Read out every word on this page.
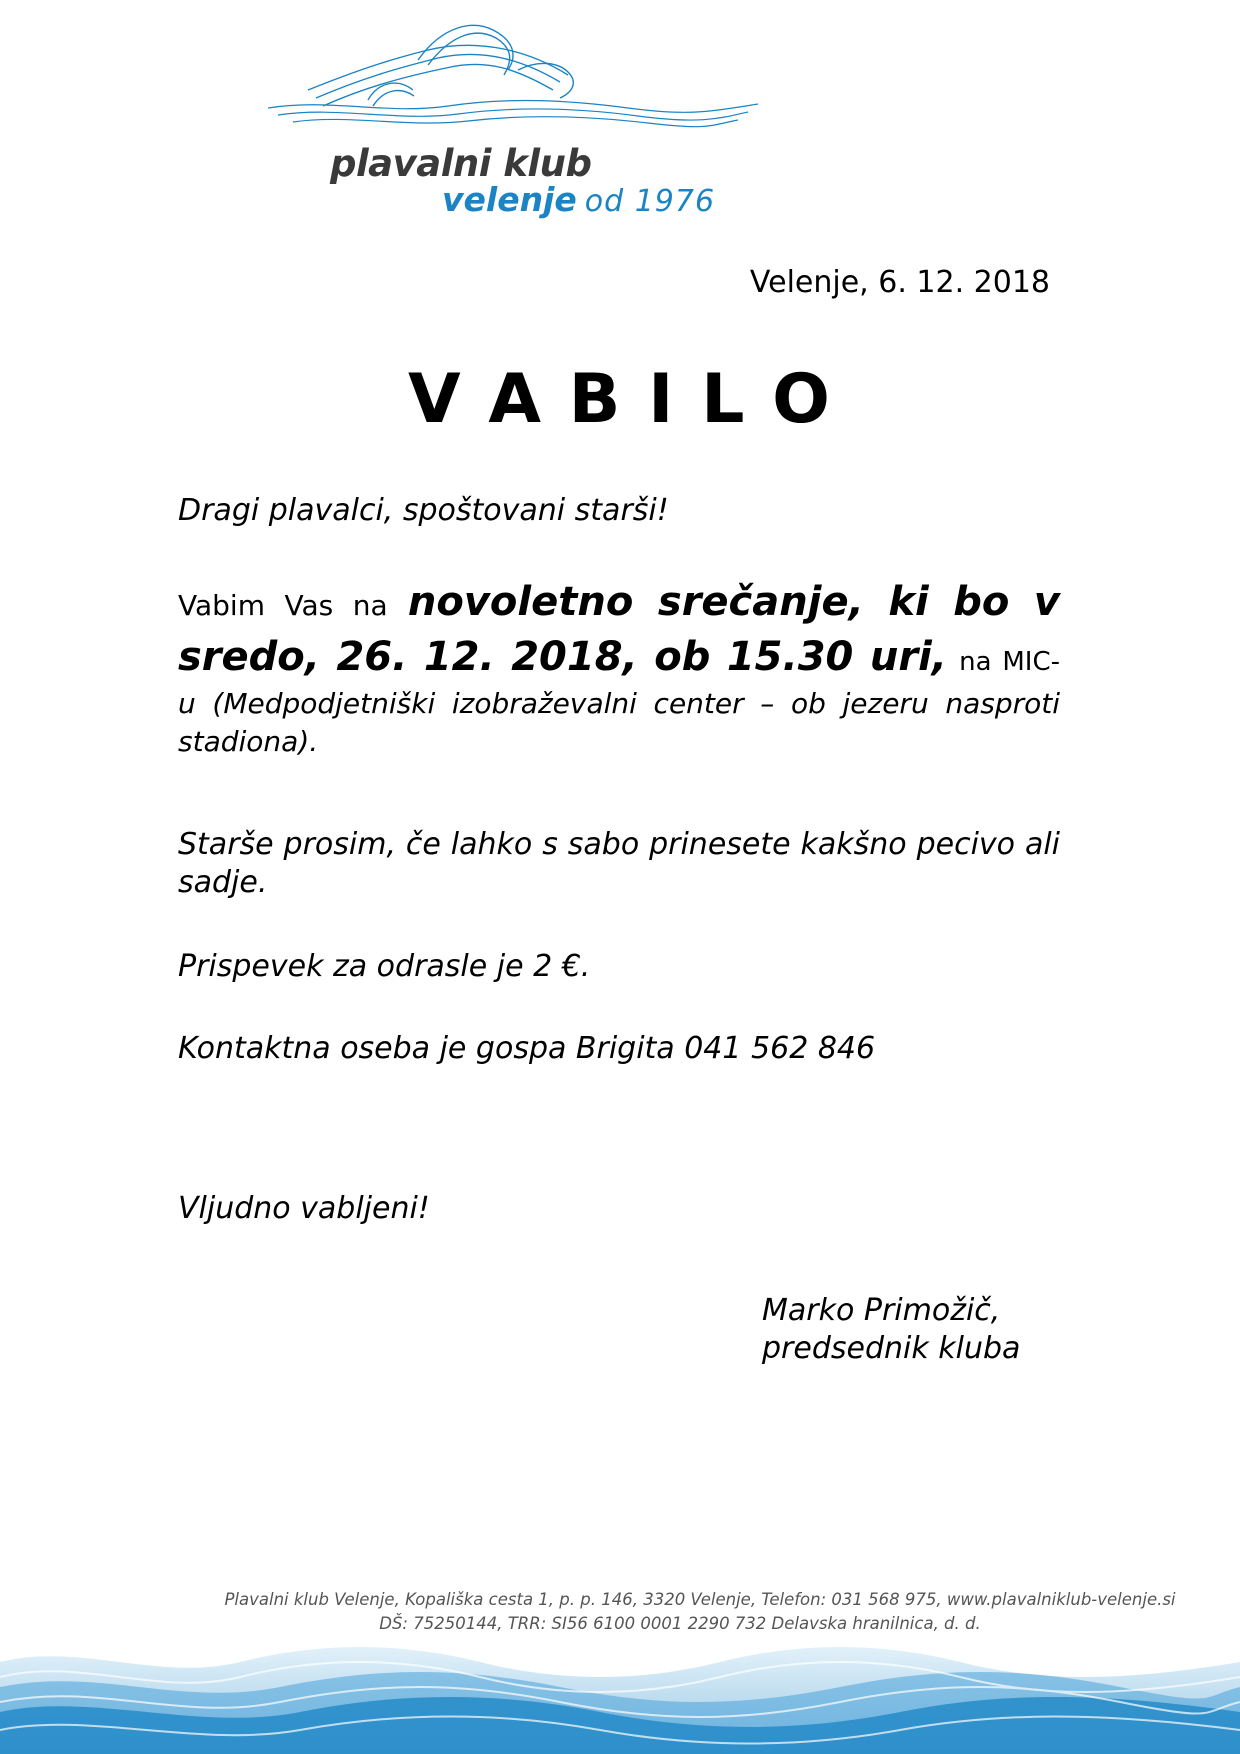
plavalni klub
velenje od 1976
Velenje, 6. 12. 2018
V A B I L O
Dragi plavalci, spoštovani starši!
Vabim Vas na novoletno srečanje, ki bo v sredo, 26. 12. 2018, ob 15.30 uri, na MIC- u (Medpodjetniški izobraževalni center – ob jezeru nasproti stadiona).
Starše prosim, če lahko s sabo prinesete kakšno pecivo ali sadje.
Prispevek za odrasle je 2 €.
Kontaktna oseba je gospa Brigita 041 562 846
Vljudno vabljeni!
Marko Primožič,
predsednik kluba
Plavalni klub Velenje, Kopališka cesta 1, p. p. 146, 3320 Velenje, Telefon: 031 568 975, www.plavalniklub-velenje.si
DŠ: 75250144, TRR: SI56 6100 0001 2290 732 Delavska hranilnica, d. d.
